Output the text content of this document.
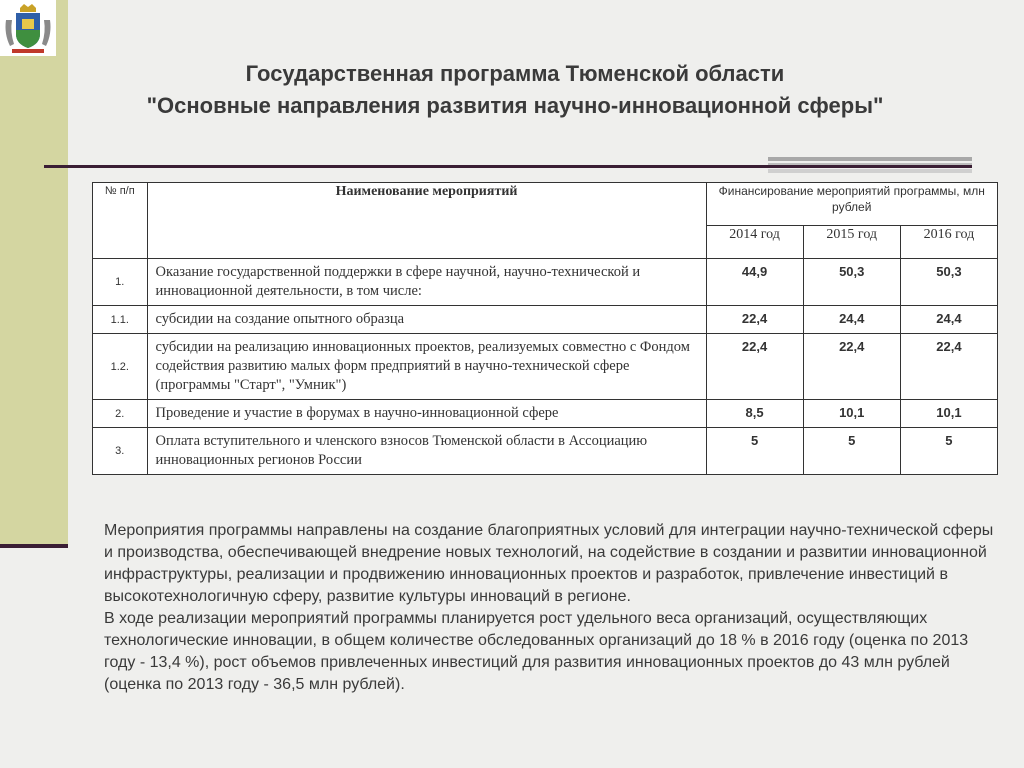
Государственная программа Тюменской области
"Основные направления развития научно-инновационной сферы"
№ п/п	Наименование мероприятий	Финансирование мероприятий программы, млн рублей		
		2014 год	2015 год	2016 год
1.	Оказание государственной поддержки в сфере научной, научно-технической и инновационной деятельности, в том числе:	44,9	50,3	50,3
1.1.	субсидии на создание опытного образца	22,4	24,4	24,4
1.2.	субсидии на реализацию инновационных проектов, реализуемых совместно с Фондом содействия развитию малых форм предприятий в научно-технической сфере (программы "Старт", "Умник")	22,4	22,4	22,4
2.	Проведение и участие в форумах в научно-инновационной сфере	8,5	10,1	10,1
3.	Оплата вступительного и членского взносов Тюменской области в Ассоциацию инновационных регионов России	5	5	5

Мероприятия программы направлены на создание благоприятных условий для интеграции научно-технической сферы и производства, обеспечивающей внедрение новых технологий, на содействие в создании и развитии инновационной инфраструктуры, реализации и продвижению инновационных проектов и разработок, привлечение инвестиций в высокотехнологичную сферу, развитие культуры инноваций в регионе.

В ходе реализации мероприятий программы планируется рост удельного веса организаций, осуществляющих технологические инновации, в общем количестве обследованных организаций до 18 % в 2016 году (оценка по 2013 году - 13,4 %), рост объемов привлеченных инвестиций для развития инновационных проектов до 43 млн рублей (оценка по 2013 году - 36,5 млн рублей).
